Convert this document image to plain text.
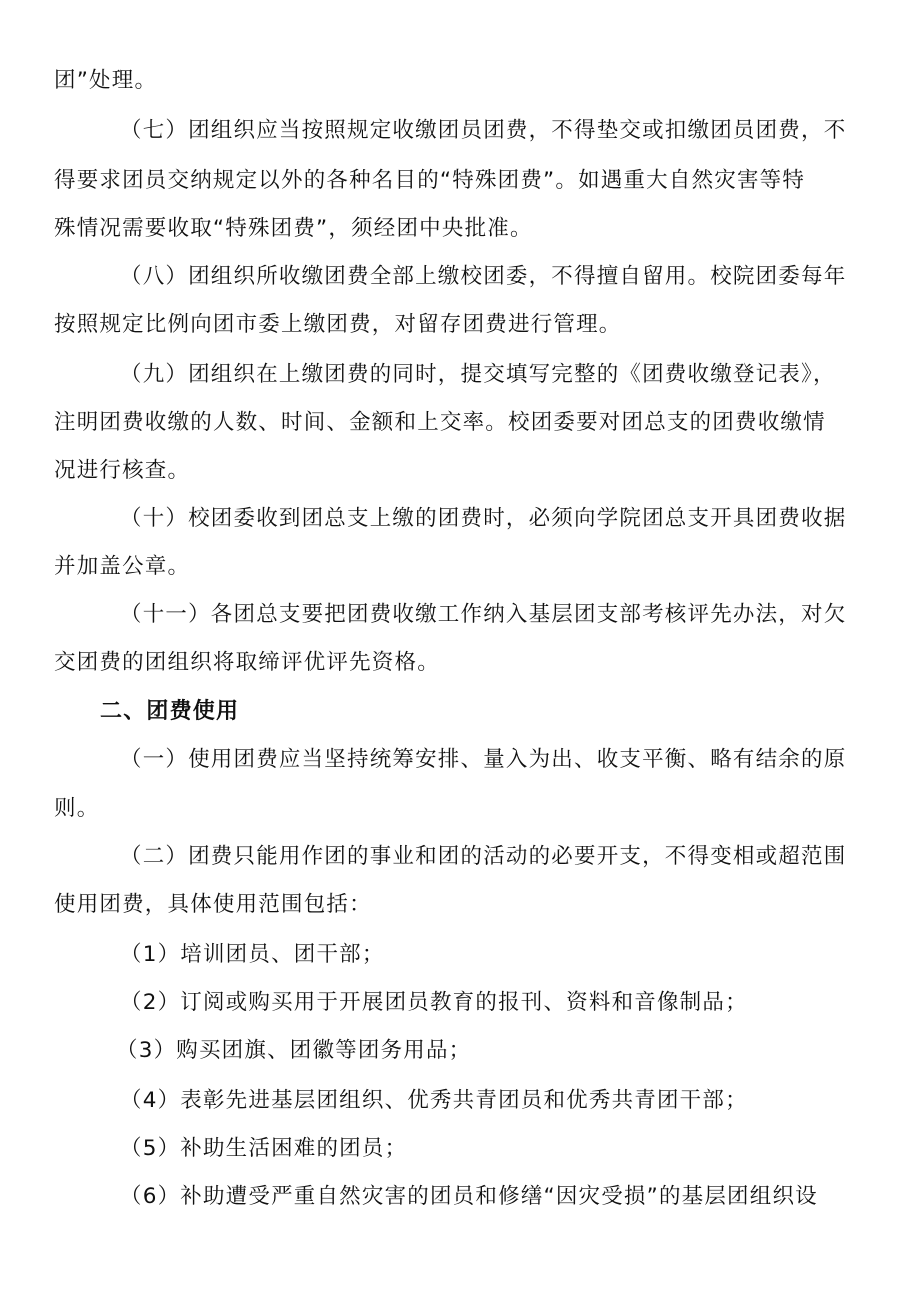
团”处理。
（七）团组织应当按照规定收缴团员团费，不得垫交或扣缴团员团费，不
得要求团员交纳规定以外的各种名目的“特殊团费”。如遇重大自然灾害等特
殊情况需要收取“特殊团费”，须经团中央批准。
（八）团组织所收缴团费全部上缴校团委，不得擅自留用。校院团委每年
按照规定比例向团市委上缴团费，对留存团费进行管理。
（九）团组织在上缴团费的同时，提交填写完整的《团费收缴登记表》，
注明团费收缴的人数、时间、金额和上交率。校团委要对团总支的团费收缴情
况进行核查。
（十）校团委收到团总支上缴的团费时，必须向学院团总支开具团费收据
并加盖公章。
（十一）各团总支要把团费收缴工作纳入基层团支部考核评先办法，对欠
交团费的团组织将取缔评优评先资格。
二、团费使用
（一）使用团费应当坚持统筹安排、量入为出、收支平衡、略有结余的原
则。
（二）团费只能用作团的事业和团的活动的必要开支，不得变相或超范围
使用团费，具体使用范围包括：
（1）培训团员、团干部；
（2）订阅或购买用于开展团员教育的报刊、资料和音像制品；
（3）购买团旗、团徽等团务用品；
（4）表彰先进基层团组织、优秀共青团员和优秀共青团干部；
（5）补助生活困难的团员；
（6）补助遭受严重自然灾害的团员和修缮“因灾受损”的基层团组织设
